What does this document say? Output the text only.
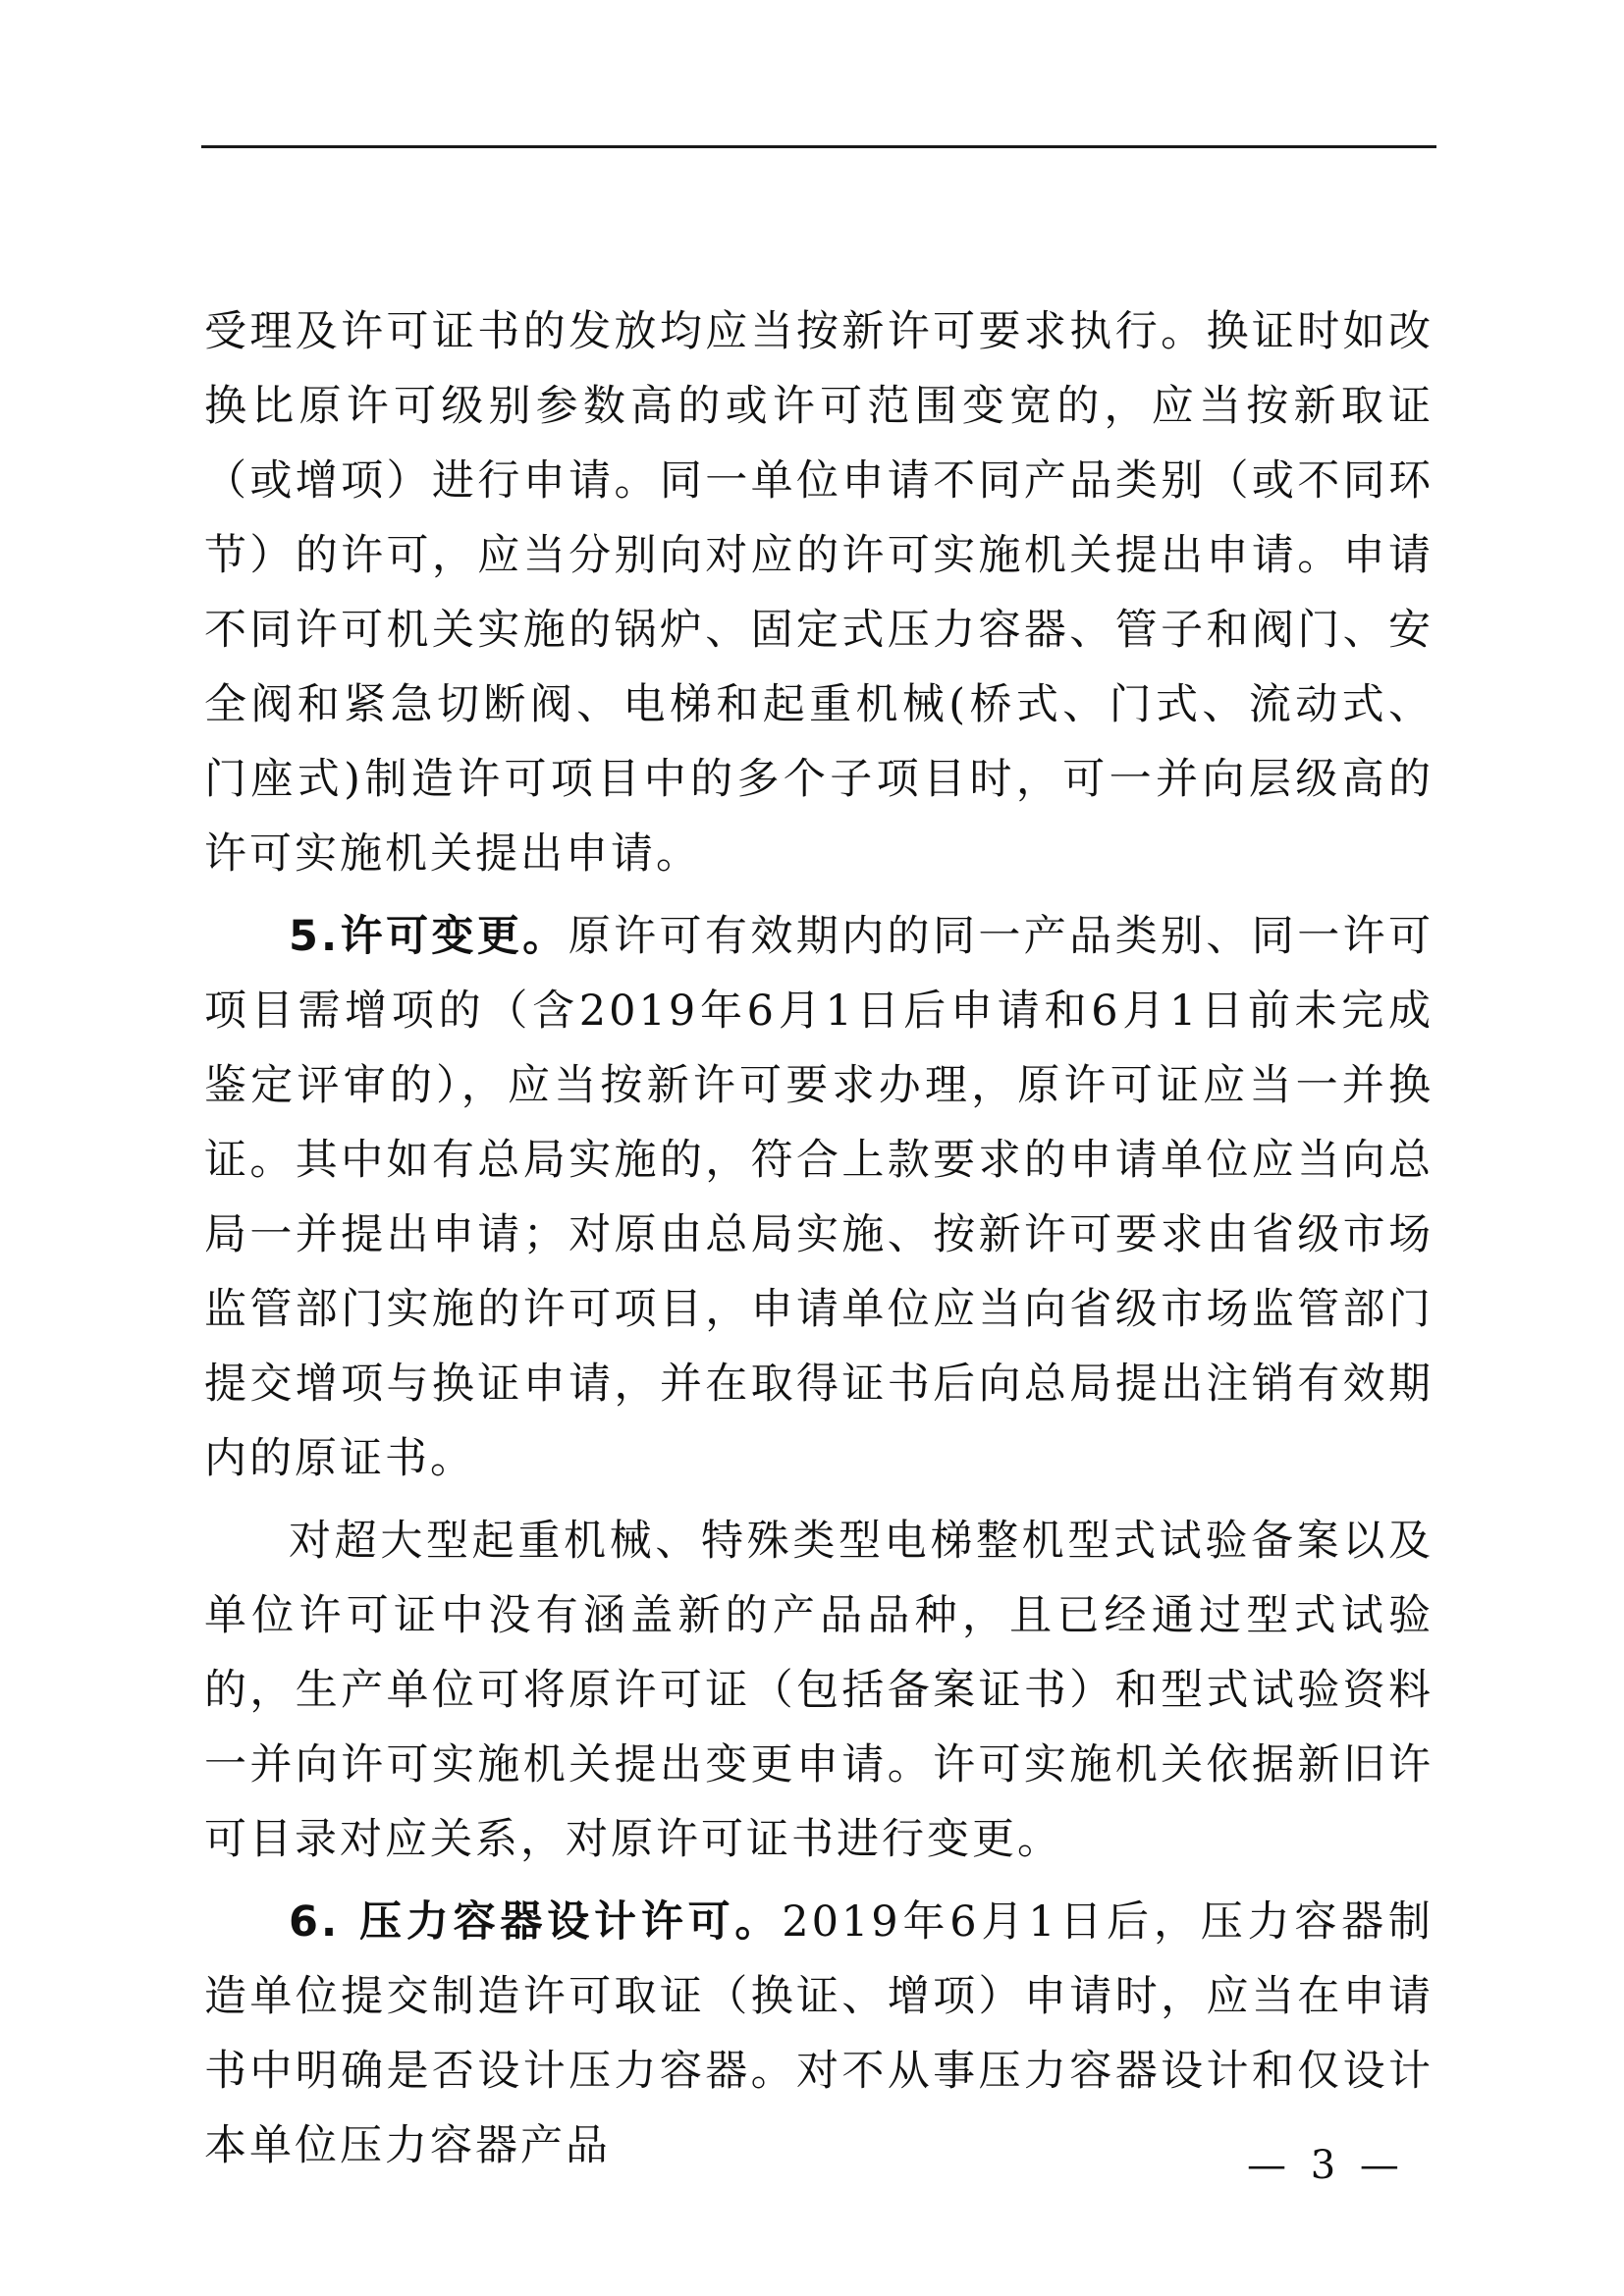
受理及许可证书的发放均应当按新许可要求执行。换证时如改换比原许可级别参数高的或许可范围变宽的，应当按新取证（或增项）进行申请。同一单位申请不同产品类别（或不同环节）的许可，应当分别向对应的许可实施机关提出申请。申请不同许可机关实施的锅炉、固定式压力容器、管子和阀门、安全阀和紧急切断阀、电梯和起重机械(桥式、门式、流动式、门座式)制造许可项目中的多个子项目时，可一并向层级高的许可实施机关提出申请。

5.许可变更。原许可有效期内的同一产品类别、同一许可项目需增项的（含2019年6月1日后申请和6月1日前未完成鉴定评审的），应当按新许可要求办理，原许可证应当一并换证。其中如有总局实施的，符合上款要求的申请单位应当向总局一并提出申请；对原由总局实施、按新许可要求由省级市场监管部门实施的许可项目，申请单位应当向省级市场监管部门提交增项与换证申请，并在取得证书后向总局提出注销有效期内的原证书。

对超大型起重机械、特殊类型电梯整机型式试验备案以及单位许可证中没有涵盖新的产品品种，且已经通过型式试验的，生产单位可将原许可证（包括备案证书）和型式试验资料一并向许可实施机关提出变更申请。许可实施机关依据新旧许可目录对应关系，对原许可证书进行变更。

6. 压力容器设计许可。2019年6月1日后，压力容器制造单位提交制造许可取证（换证、增项）申请时，应当在申请书中明确是否设计压力容器。对不从事压力容器设计和仅设计本单位压力容器产品	— 3 —
